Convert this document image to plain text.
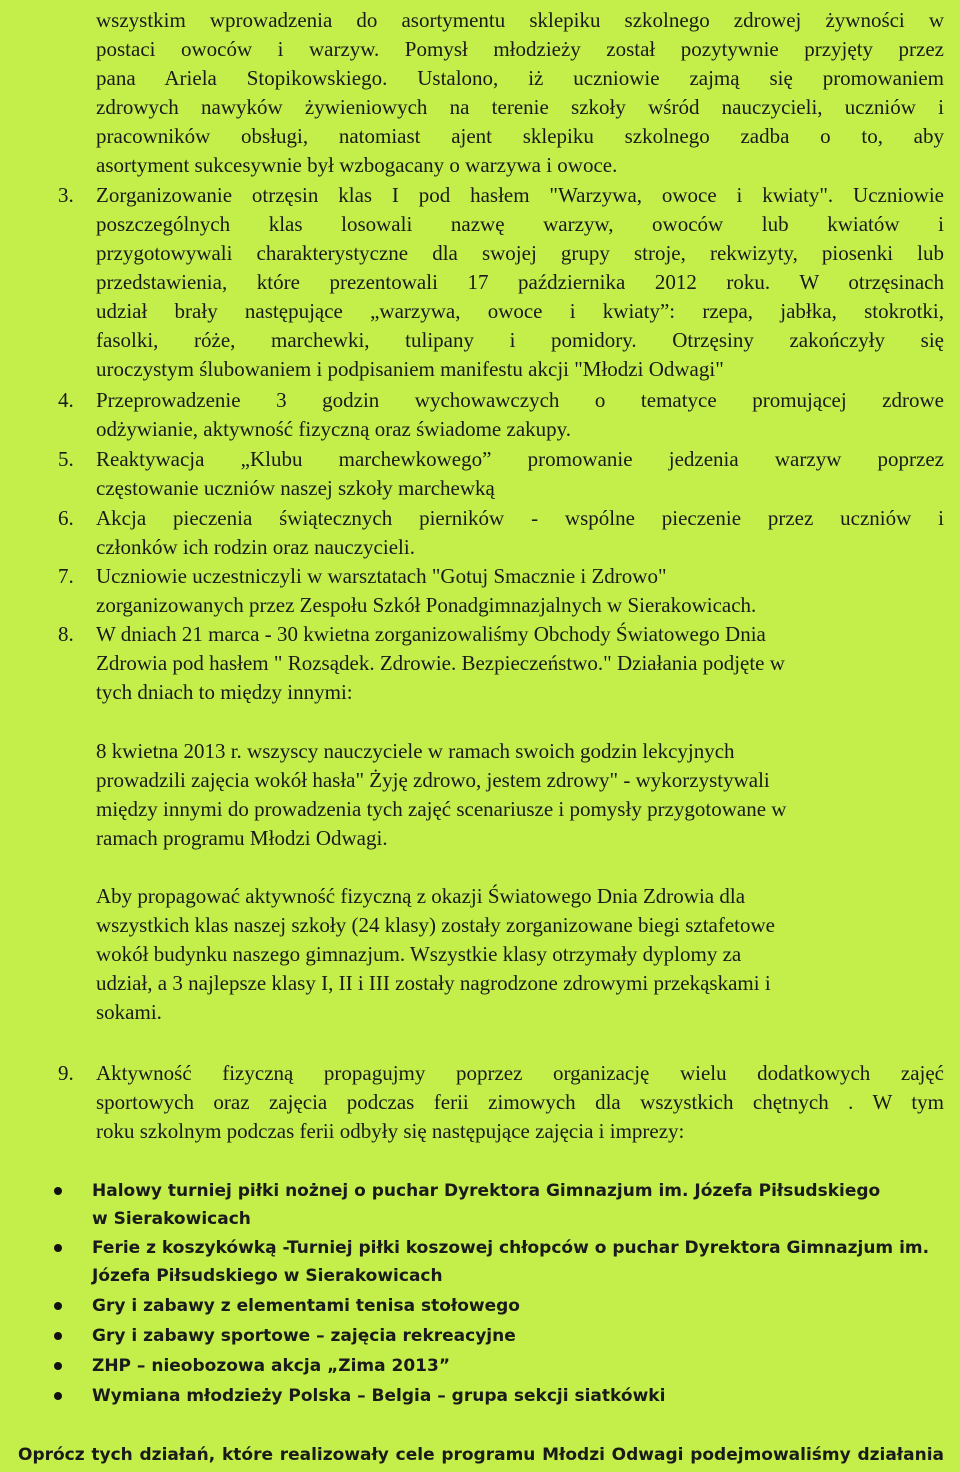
wszystkim wprowadzenia do asortymentu sklepiku szkolnego zdrowej żywności w
postaci owoców i warzyw. Pomysł młodzieży został pozytywnie przyjęty przez
pana Ariela Stopikowskiego. Ustalono, iż uczniowie zajmą się promowaniem
zdrowych nawyków żywieniowych na terenie szkoły wśród nauczycieli, uczniów i
pracowników obsługi, natomiast ajent sklepiku szkolnego zadba o to, aby
asortyment sukcesywnie był wzbogacany o warzywa i owoce.
3. Zorganizowanie otrzęsin klas I pod hasłem "Warzywa, owoce i kwiaty". Uczniowie
poszczególnych klas losowali nazwę warzyw, owoców lub kwiatów i
przygotowywali charakterystyczne dla swojej grupy stroje, rekwizyty, piosenki lub
przedstawienia, które prezentowali 17 października 2012 roku. W otrzęsinach
udział brały następujące „warzywa, owoce i kwiaty”: rzepa, jabłka, stokrotki,
fasolki, róże, marchewki, tulipany i pomidory. Otrzęsiny zakończyły się
uroczystym ślubowaniem i podpisaniem manifestu akcji "Młodzi Odwagi"
4. Przeprowadzenie 3 godzin wychowawczych o tematyce promującej zdrowe
odżywianie, aktywność fizyczną oraz świadome zakupy.
5. Reaktywacja „Klubu marchewkowego” promowanie jedzenia warzyw poprzez
częstowanie uczniów naszej szkoły marchewką
6. Akcja pieczenia świątecznych pierników - wspólne pieczenie przez uczniów i
członków ich rodzin oraz nauczycieli.
7. Uczniowie uczestniczyli w warsztatach "Gotuj Smacznie i Zdrowo"
zorganizowanych przez Zespołu Szkół Ponadgimnazjalnych w Sierakowicach.
8. W dniach 21 marca - 30 kwietna zorganizowaliśmy Obchody Światowego Dnia
Zdrowia pod hasłem " Rozsądek. Zdrowie. Bezpieczeństwo." Działania podjęte w
tych dniach to między innymi:
8 kwietna 2013 r. wszyscy nauczyciele w ramach swoich godzin lekcyjnych
prowadzili zajęcia wokół hasła" Żyję zdrowo, jestem zdrowy" - wykorzystywali
między innymi do prowadzenia tych zajęć scenariusze i pomysły przygotowane w
ramach programu Młodzi Odwagi.
Aby propagować aktywność fizyczną z okazji Światowego Dnia Zdrowia dla
wszystkich klas naszej szkoły (24 klasy) zostały zorganizowane biegi sztafetowe
wokół budynku naszego gimnazjum. Wszystkie klasy otrzymały dyplomy za
udział, a 3 najlepsze klasy I, II i III zostały nagrodzone zdrowymi przekąskami i
sokami.
9. Aktywność fizyczną propagujmy poprzez organizację wielu dodatkowych zajęć
sportowych oraz zajęcia podczas ferii zimowych dla wszystkich chętnych . W tym
roku szkolnym podczas ferii odbyły się następujące zajęcia i imprezy:
Halowy turniej piłki nożnej o puchar Dyrektora Gimnazjum im. Józefa Piłsudskiego
w Sierakowicach
Ferie z koszykówką -Turniej piłki koszowej chłopców o puchar Dyrektora Gimnazjum im.
Józefa Piłsudskiego w Sierakowicach
Gry i zabawy z elementami tenisa stołowego
Gry i zabawy sportowe – zajęcia rekreacyjne
ZHP – nieobozowa akcja „Zima 2013”
Wymiana młodzieży Polska – Belgia – grupa sekcji siatkówki
Oprócz tych działań, które realizowały cele programu Młodzi Odwagi podejmowaliśmy działania
